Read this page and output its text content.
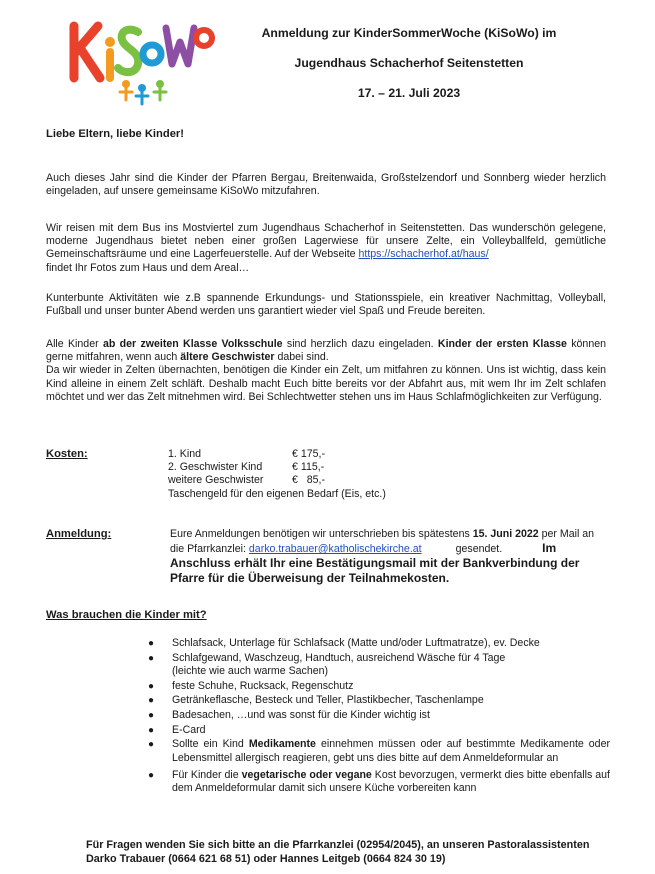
Anmeldung zur KinderSommerWoche (KiSoWo) im
Jugendhaus Schacherhof Seitenstetten
17. – 21. Juli 2023
Liebe Eltern, liebe Kinder!

Auch dieses Jahr sind die Kinder der Pfarren Bergau, Breitenwaida, Großstelzendorf und Sonnberg wieder herzlich eingeladen, auf unsere gemeinsame KiSoWo mitzufahren.

Wir reisen mit dem Bus ins Mostviertel zum Jugendhaus Schacherhof in Seitenstetten. Das wunderschön gelegene, moderne Jugendhaus bietet neben einer großen Lagerwiese für unsere Zelte, ein Volleyballfeld, gemütliche Gemeinschaftsräume und eine Lagerfeuerstelle. Auf der Webseite https://schacherhof.at/haus/
findet Ihr Fotos zum Haus und dem Areal…

Kunterbunte Aktivitäten wie z.B spannende Erkundungs- und Stationsspiele, ein kreativer Nachmittag, Volleyball, Fußball und unser bunter Abend werden uns garantiert wieder viel Spaß und Freude bereiten.

Alle Kinder ab der zweiten Klasse Volksschule sind herzlich dazu eingeladen. Kinder der ersten Klasse können gerne mitfahren, wenn auch ältere Geschwister dabei sind.

Da wir wieder in Zelten übernachten, benötigen die Kinder ein Zelt, um mitfahren zu können. Uns ist wichtig, dass kein Kind alleine in einem Zelt schläft. Deshalb macht Euch bitte bereits vor der Abfahrt aus, mit wem Ihr im Zelt schlafen möchtet und wer das Zelt mitnehmen wird. Bei Schlechtwetter stehen uns im Haus Schlafmöglichkeiten zur Verfügung.

Kosten:	1. Kind	€ 175,-
2. Geschwister Kind	€ 115,-
weitere Geschwister	€   85,-
Taschengeld für den eigenen Bedarf (Eis, etc.)
Anmeldung:	Eure Anmeldungen benötigen wir unterschrieben bis spätestens 15. Juni 2022 per Mail an die Pfarrkanzlei: darko.trabauer@katholischekirche.at	gesendet.	Im
Anschluss erhält Ihr eine Bestätigungsmail mit der Bankverbindung der Pfarre für die Überweisung der Teilnahmekosten.
Was brauchen die Kinder mit?
● Schlafsack, Unterlage für Schlafsack (Matte und/oder Luftmatratze), ev. Decke
● Schlafgewand, Waschzeug, Handtuch, ausreichend Wäsche für 4 Tage (leichte wie auch warme Sachen)
● feste Schuhe, Rucksack, Regenschutz
● Getränkeflasche, Besteck und Teller, Plastikbecher, Taschenlampe
● Badesachen, …und was sonst für die Kinder wichtig ist
● E-Card
● Sollte ein Kind Medikamente einnehmen müssen oder auf bestimmte Medikamente oder Lebensmittel allergisch reagieren, gebt uns dies bitte auf dem Anmeldeformular an
● Für Kinder die vegetarische oder vegane Kost bevorzugen, vermerkt dies bitte ebenfalls auf dem Anmeldeformular damit sich unsere Küche vorbereiten kann
Für Fragen wenden Sie sich bitte an die Pfarrkanzlei (02954/2045), an unseren Pastoralassistenten
Darko Trabauer (0664 621 68 51) oder Hannes Leitgeb (0664 824 30 19)
